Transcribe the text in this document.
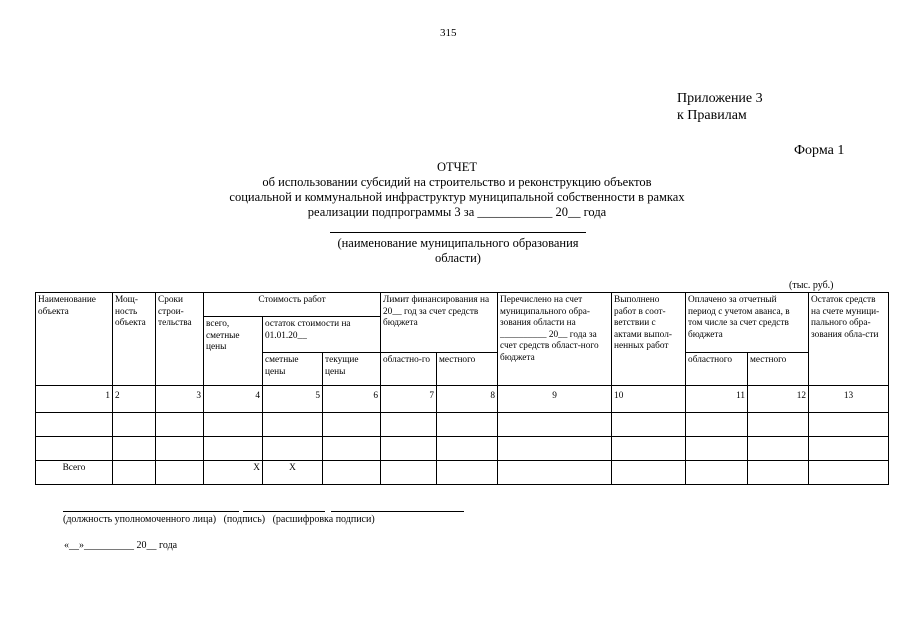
315
Приложение 3
к Правилам
Форма 1
ОТЧЕТ
об использовании субсидий на строительство и реконструкцию объектов
социальной и коммунальной инфраструктур муниципальной собственности в рамках
реализации подпрограммы 3 за ____________ 20__ года
(наименование муниципального образования области)
(тыс. руб.)
Наименование объекта	Мощ-ность объекта	Сроки строи-тельства	Стоимость работ			Лимит финансирования на 20__ год за счет средств бюджета		Перечислено на счет муниципального обра-зования области на __________ 20__ года за счет средств област-ного бюджета	Выполнено работ в соот-ветствии с актами выпол-ненных работ	Оплачено за отчетный период с учетом аванса, в том числе за счет средств бюджета		Остаток средств на счете муници-пального обра-зования обла-сти
			всего, сметные цены	остаток стоимости на 01.01.20__								
				сметные цены	текущие цены	областно-го	местного			областного	местного	
1	2	3	4	5	6	7	8	9	10	11	12	13

Всего			Х	Х								
(должность уполномоченного лица)   (подпись)   (расшифровка подписи)
«__»__________ 20__ года
